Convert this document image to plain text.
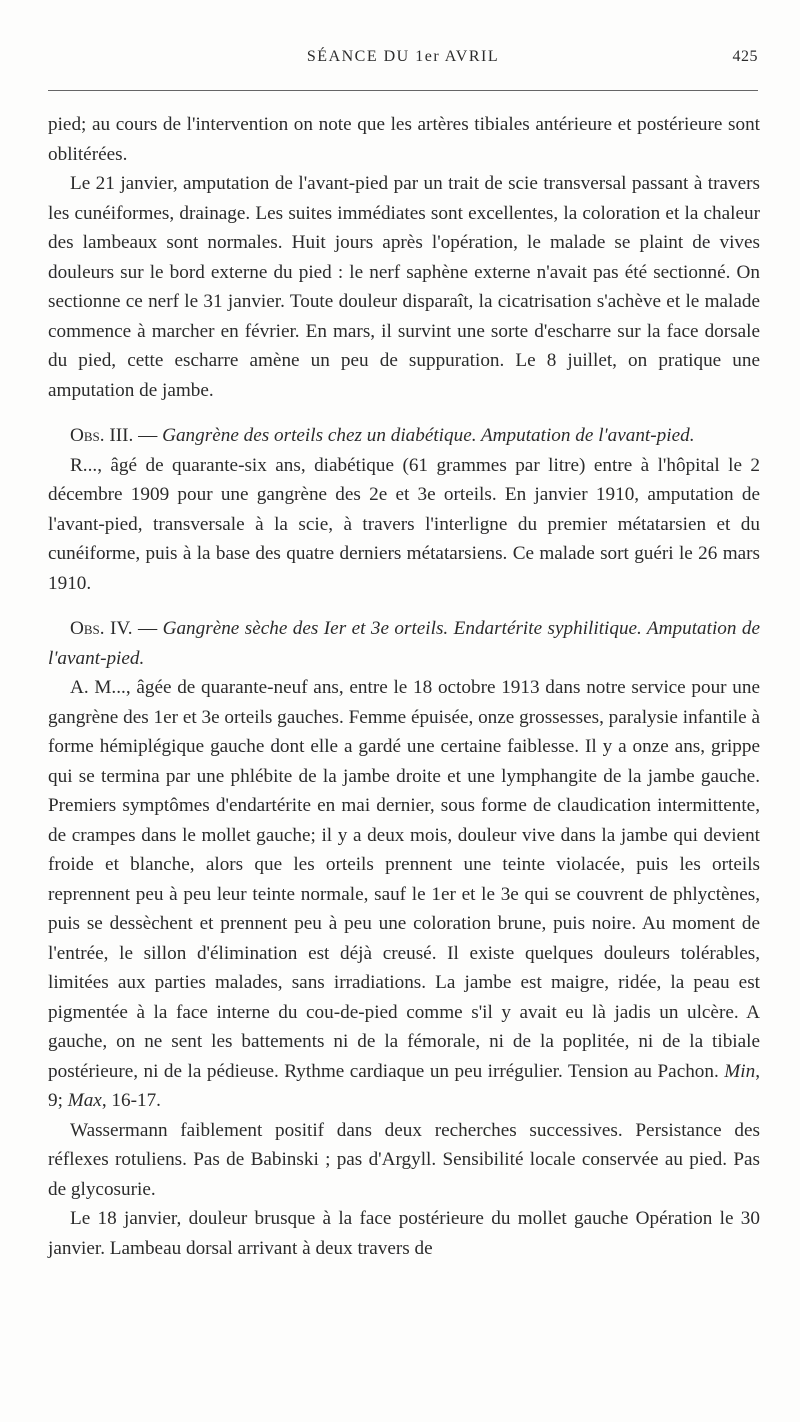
SÉANCE DU 1er AVRIL	425

pied; au cours de l'intervention on note que les artères tibiales antérieure et postérieure sont oblitérées.

Le 21 janvier, amputation de l'avant-pied par un trait de scie transversal passant à travers les cunéiformes, drainage. Les suites immédiates sont excellentes, la coloration et la chaleur des lambeaux sont normales. Huit jours après l'opération, le malade se plaint de vives douleurs sur le bord externe du pied : le nerf saphène externe n'avait pas été sectionné. On sectionne ce nerf le 31 janvier. Toute douleur disparaît, la cicatrisation s'achève et le malade commence à marcher en février. En mars, il survint une sorte d'escharre sur la face dorsale du pied, cette escharre amène un peu de suppuration. Le 8 juillet, on pratique une amputation de jambe.

Obs. III. — Gangrène des orteils chez un diabétique. Amputation de l'avant-pied.

R..., âgé de quarante-six ans, diabétique (61 grammes par litre) entre à l'hôpital le 2 décembre 1909 pour une gangrène des 2e et 3e orteils. En janvier 1910, amputation de l'avant-pied, transversale à la scie, à travers l'interligne du premier métatarsien et du cunéiforme, puis à la base des quatre derniers métatarsiens. Ce malade sort guéri le 26 mars 1910.

Obs. IV. — Gangrène sèche des Ier et 3e orteils. Endartérite syphilitique. Amputation de l'avant-pied.

A. M..., âgée de quarante-neuf ans, entre le 18 octobre 1913 dans notre service pour une gangrène des 1er et 3e orteils gauches. Femme épuisée, onze grossesses, paralysie infantile à forme hémiplégique gauche dont elle a gardé une certaine faiblesse. Il y a onze ans, grippe qui se termina par une phlébite de la jambe droite et une lymphangite de la jambe gauche. Premiers symptômes d'endartérite en mai dernier, sous forme de claudication intermittente, de crampes dans le mollet gauche; il y a deux mois, douleur vive dans la jambe qui devient froide et blanche, alors que les orteils prennent une teinte violacée, puis les orteils reprennent peu à peu leur teinte normale, sauf le 1er et le 3e qui se couvrent de phlyctènes, puis se dessèchent et prennent peu à peu une coloration brune, puis noire. Au moment de l'entrée, le sillon d'élimination est déjà creusé. Il existe quelques douleurs tolérables, limitées aux parties malades, sans irradiations. La jambe est maigre, ridée, la peau est pigmentée à la face interne du cou-de-pied comme s'il y avait eu là jadis un ulcère. A gauche, on ne sent les battements ni de la fémorale, ni de la poplitée, ni de la tibiale postérieure, ni de la pédieuse. Rythme cardiaque un peu irrégulier. Tension au Pachon. Min, 9; Max, 16-17.

Wassermann faiblement positif dans deux recherches successives. Persistance des réflexes rotuliens. Pas de Babinski ; pas d'Argyll. Sensibilité locale conservée au pied. Pas de glycosurie.

Le 18 janvier, douleur brusque à la face postérieure du mollet gauche Opération le 30 janvier. Lambeau dorsal arrivant à deux travers de
